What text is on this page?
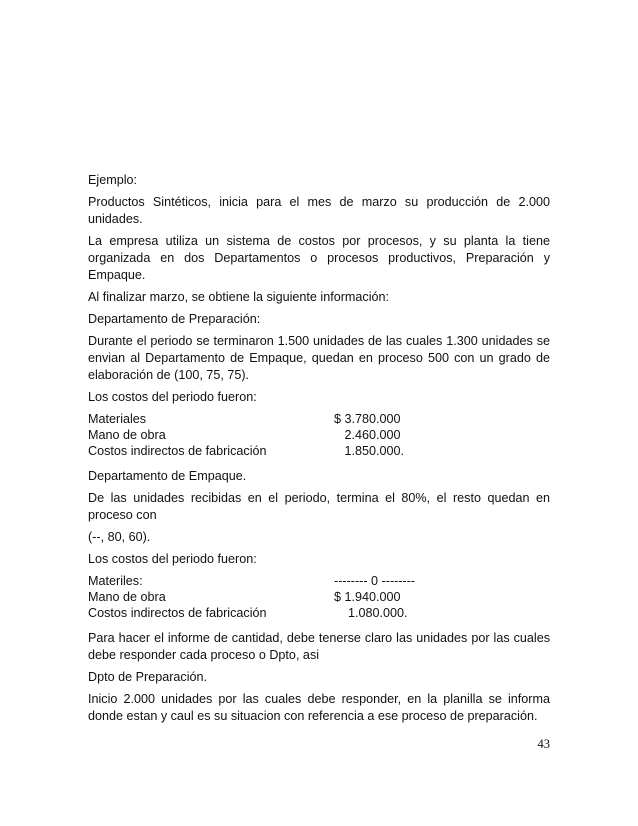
Ejemplo:

Productos Sintéticos, inicia para el mes de marzo su producción de 2.000 unidades.

La empresa utiliza un sistema de costos por procesos, y su planta la tiene organizada en dos Departamentos o procesos productivos, Preparación y Empaque.

Al finalizar marzo, se obtiene la siguiente información:

Departamento de Preparación:

Durante el periodo se terminaron 1.500 unidades de las cuales 1.300 unidades se envian al Departamento de Empaque, quedan en proceso 500 con un grado de elaboración de (100, 75, 75).

Los costos del periodo fueron:

Materiales	$ 3.780.000
Mano de obra	2.460.000
Costos indirectos de fabricación	1.850.000.

Departamento de Empaque.

De las unidades recibidas en el periodo, termina el 80%, el resto quedan en proceso con

(--, 80, 60).

Los costos del periodo fueron:

Materiles:	-------- 0 --------
Mano de obra	$ 1.940.000
Costos indirectos de fabricación	1.080.000.

Para hacer el informe de cantidad, debe tenerse claro las unidades por las cuales debe responder cada proceso o Dpto, asi

Dpto de Preparación.

Inicio 2.000 unidades por las cuales debe responder, en la planilla se informa donde estan y caul es su situacion con referencia a ese proceso de preparación.

43
